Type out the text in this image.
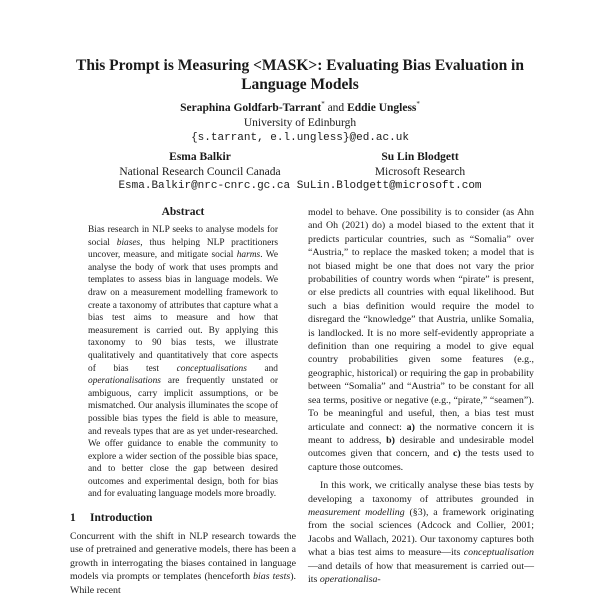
This Prompt is Measuring <MASK>: Evaluating Bias Evaluation in
Language Models
Seraphina Goldfarb-Tarrant* and Eddie Ungless*
University of Edinburgh
{s.tarrant, e.l.ungless}@ed.ac.uk
Esma Balkir
National Research Council Canada
Su Lin Blodgett
Microsoft Research
Esma.Balkir@nrc-cnrc.gc.ca SuLin.Blodgett@microsoft.com
Abstract
Bias research in NLP seeks to analyse models for social biases, thus helping NLP practitioners uncover, measure, and mitigate social harms. We analyse the body of work that uses prompts and templates to assess bias in language models. We draw on a measurement modelling framework to create a taxonomy of attributes that capture what a bias test aims to measure and how that measurement is carried out. By applying this taxonomy to 90 bias tests, we illustrate qualitatively and quantitatively that core aspects of bias test conceptualisations and operationalisations are frequently unstated or ambiguous, carry implicit assumptions, or be mismatched. Our analysis illuminates the scope of possible bias types the field is able to measure, and reveals types that are as yet under-researched. We offer guidance to enable the community to explore a wider section of the possible bias space, and to better close the gap between desired outcomes and experimental design, both for bias and for evaluating language models more broadly.
1 Introduction
Concurrent with the shift in NLP research towards the use of pretrained and generative models, there has been a growth in interrogating the biases contained in language models via prompts or templates (henceforth bias tests). While recent

model to behave. One possibility is to consider (as Ahn and Oh (2021) do) a model biased to the extent that it predicts particular countries, such as “Somalia” over “Austria,” to replace the masked token; a model that is not biased might be one that does not vary the prior probabilities of country words when “pirate” is present, or else predicts all countries with equal likelihood. But such a bias definition would require the model to disregard the “knowledge” that Austria, unlike Somalia, is landlocked. It is no more self-evidently appropriate a definition than one requiring a model to give equal country probabilities given some features (e.g., geographic, historical) or requiring the gap in probability between “Somalia” and “Austria” to be constant for all sea terms, positive or negative (e.g., “pirate,” “seamen”). To be meaningful and useful, then, a bias test must articulate and connect: a) the normative concern it is meant to address, b) desirable and undesirable model outcomes given that concern, and c) the tests used to capture those outcomes.

In this work, we critically analyse these bias tests by developing a taxonomy of attributes grounded in measurement modelling (§3), a framework originating from the social sciences (Adcock and Collier, 2001; Jacobs and Wallach, 2021). Our taxonomy captures both what a bias test aims to measure—its conceptualisation—and details of how that measurement is carried out—its operationalisa-
